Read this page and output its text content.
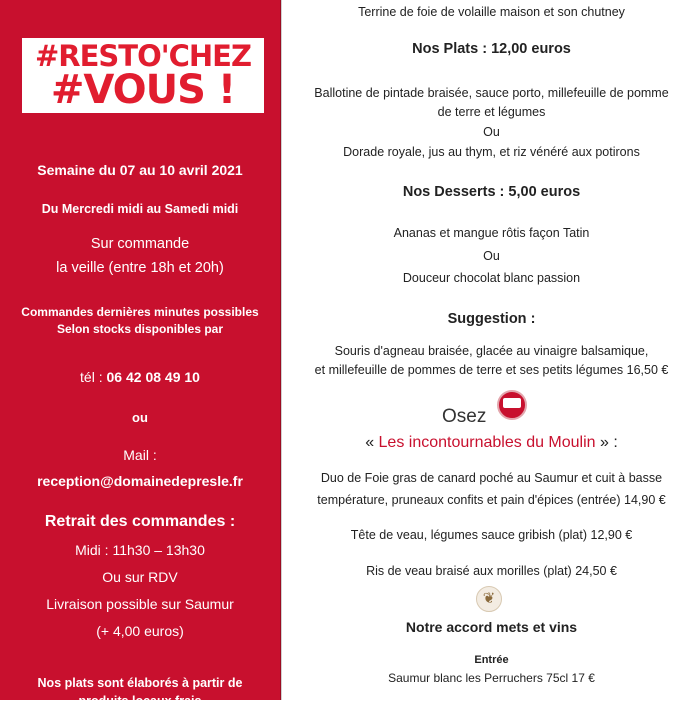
#RESTO'CHEZ
#VOUS !
Semaine du 07 au 10 avril 2021
Du Mercredi midi au Samedi midi
Sur commande
la veille (entre 18h et 20h)
Commandes dernières minutes possibles
Selon stocks disponibles par
tél : 06 42 08 49 10
ou
Mail :
reception@domainedepresle.fr
Retrait des commandes :
Midi : 11h30 – 13h30
Ou sur RDV
Livraison possible sur Saumur
(+ 4,00 euros)
Nos plats sont élaborés à partir de
produits locaux frais
Terrine de foie de volaille maison et son chutney
Nos Plats : 12,00 euros
Ballotine de pintade braisée, sauce porto, millefeuille de pomme
de terre et légumes
Ou
Dorade royale, jus au thym, et riz vénéré aux potirons
Nos Desserts : 5,00 euros
Ananas et mangue rôtis façon Tatin
Ou
Douceur chocolat blanc passion
Suggestion :
Souris d'agneau braisée, glacée au vinaigre balsamique,
et millefeuille de pommes de terre et ses petits légumes 16,50 €
Osez
« Les incontournables du Moulin » :
Duo de Foie gras de canard poché au Saumur et cuit à basse
température, pruneaux confits et pain d'épices (entrée) 14,90 €
Tête de veau, légumes sauce gribish (plat) 12,90 €
Ris de veau braisé aux morilles (plat) 24,50 €
❦
Notre accord mets et vins
Entrée
Saumur blanc les Perruchers 75cl 17 €
